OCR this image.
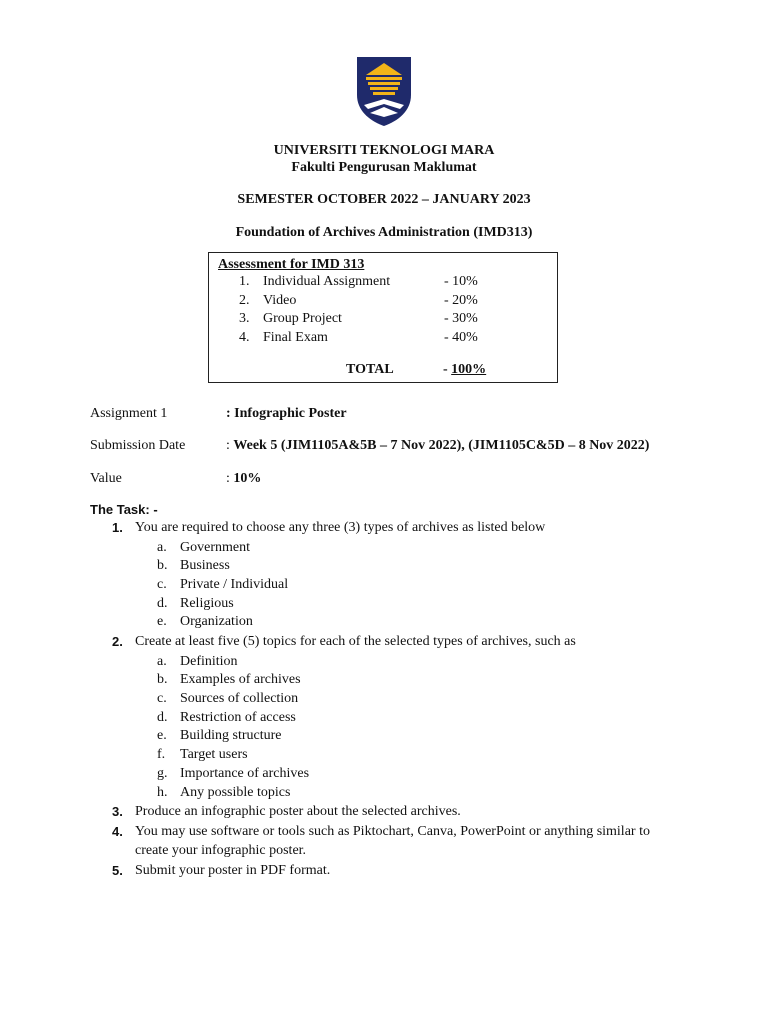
UNIVERSITI TEKNOLOGI MARA
Fakulti Pengurusan Maklumat
SEMESTER OCTOBER 2022 – JANUARY 2023
Foundation of Archives Administration (IMD313)
Assessment for IMD 313
1. Individual Assignment	- 10%
2. Video	- 20%
3. Group Project	- 30%
4. Final Exam	- 40%
TOTAL	- 100%
Assignment 1	: Infographic Poster
Submission Date	: Week 5 (JIM1105A&5B – 7 Nov 2022), (JIM1105C&5D – 8 Nov 2022)
Value	: 10%
The Task: -
1. You are required to choose any three (3) types of archives as listed below
a. Government
b. Business
c. Private / Individual
d. Religious
e. Organization
2. Create at least five (5) topics for each of the selected types of archives, such as
a. Definition
b. Examples of archives
c. Sources of collection
d. Restriction of access
e. Building structure
f. Target users
g. Importance of archives
h. Any possible topics
3. Produce an infographic poster about the selected archives.
4. You may use software or tools such as Piktochart, Canva, PowerPoint or anything similar to
create your infographic poster.
5. Submit your poster in PDF format.
